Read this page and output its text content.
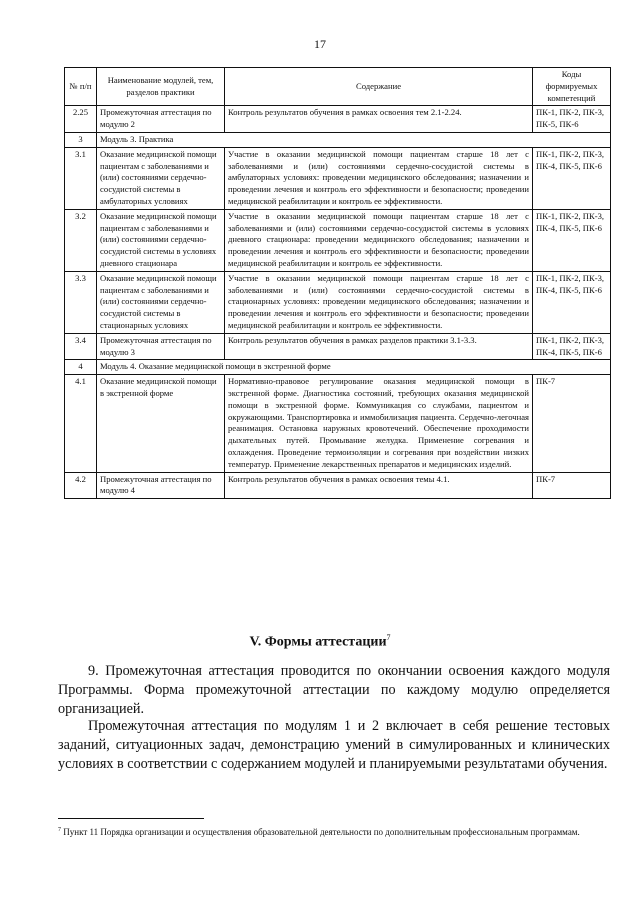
17
№ п/п	Наименование модулей, тем, разделов практики	Содержание	Коды формируемых компетенций
2.25	Промежуточная аттестация по модулю 2	Контроль результатов обучения в рамках освоения тем 2.1-2.24.	ПК-1, ПК-2, ПК-3, ПК-5, ПК-6
3	Модуль 3. Практика		
3.1	Оказание медицинской помощи пациентам с заболеваниями и (или) состояниями сердечно-сосудистой системы в амбулаторных условиях	Участие в оказании медицинской помощи пациентам старше 18 лет с заболеваниями и (или) состояниями сердечно-сосудистой системы в амбулаторных условиях: проведении медицинского обследования; назначении и проведении лечения и контроль его эффективности и безопасности; проведении медицинской реабилитации и контроль ее эффективности.	ПК-1, ПК-2, ПК-3, ПК-4, ПК-5, ПК-6
3.2	Оказание медицинской помощи пациентам с заболеваниями и (или) состояниями сердечно-сосудистой системы в условиях дневного стационара	Участие в оказании медицинской помощи пациентам старше 18 лет с заболеваниями и (или) состояниями сердечно-сосудистой системы в условиях дневного стационара: проведении медицинского обследования; назначении и проведении лечения и контроль его эффективности и безопасности; проведении медицинской реабилитации и контроль ее эффективности.	ПК-1, ПК-2, ПК-3, ПК-4, ПК-5, ПК-6
3.3	Оказание медицинской помощи пациентам с заболеваниями и (или) состояниями сердечно-сосудистой системы в стационарных условиях	Участие в оказании медицинской помощи пациентам старше 18 лет с заболеваниями и (или) состояниями сердечно-сосудистой системы в стационарных условиях: проведении медицинского обследования; назначении и проведении лечения и контроль его эффективности и безопасности; проведении медицинской реабилитации и контроль ее эффективности.	ПК-1, ПК-2, ПК-3, ПК-4, ПК-5, ПК-6
3.4	Промежуточная аттестация по модулю 3	Контроль результатов обучения в рамках разделов практики 3.1-3.3.	ПК-1, ПК-2, ПК-3, ПК-4, ПК-5, ПК-6
4	Модуль 4. Оказание медицинской помощи в экстренной форме		
4.1	Оказание медицинской помощи в экстренной форме	Нормативно-правовое регулирование оказания медицинской помощи в экстренной форме. Диагностика состояний, требующих оказания медицинской помощи в экстренной форме. Коммуникация со службами, пациентом и окружающими. Транспортировка и иммобилизация пациента. Сердечно-легочная реанимация. Остановка наружных кровотечений. Обеспечение проходимости дыхательных путей. Промывание желудка. Применение согревания и охлаждения. Проведение термоизоляции и согревания при воздействии низких температур. Применение лекарственных препаратов и медицинских изделий.	ПК-7
4.2	Промежуточная аттестация по модулю 4	Контроль результатов обучения в рамках освоения темы 4.1.	ПК-7
V. Формы аттестации$^7$

9. Промежуточная аттестация проводится по окончании освоения каждого модуля Программы. Форма промежуточной аттестации по каждому модулю определяется организацией.

Промежуточная аттестация по модулям 1 и 2 включает в себя решение тестовых заданий, ситуационных задач, демонстрацию умений в симулированных и клинических условиях в соответствии с содержанием модулей и планируемыми результатами обучения.

$^7$ Пункт 11 Порядка организации и осуществления образовательной деятельности по дополнительным профессиональным программам.
